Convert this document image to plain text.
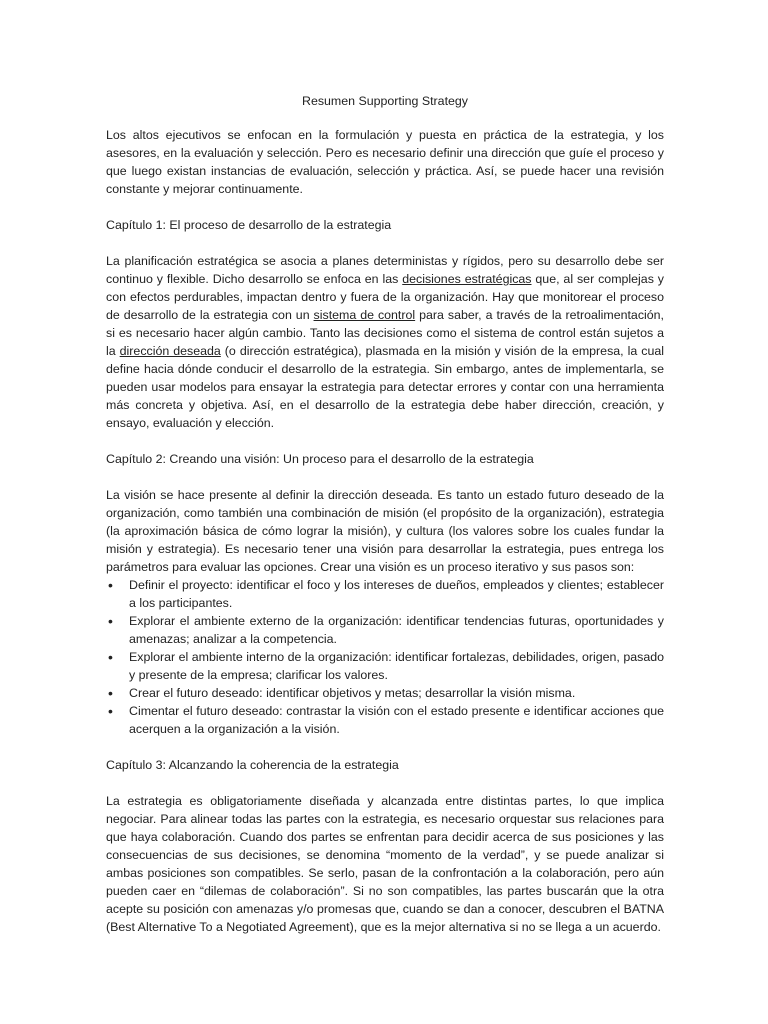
Resumen Supporting Strategy

Los altos ejecutivos se enfocan en la formulación y puesta en práctica de la estrategia, y los asesores, en la evaluación y selección. Pero es necesario definir una dirección que guíe el proceso y que luego existan instancias de evaluación, selección y práctica. Así, se puede hacer una revisión constante y mejorar continuamente.

Capítulo 1: El proceso de desarrollo de la estrategia

La planificación estratégica se asocia a planes deterministas y rígidos, pero su desarrollo debe ser continuo y flexible. Dicho desarrollo se enfoca en las decisiones estratégicas que, al ser complejas y con efectos perdurables, impactan dentro y fuera de la organización. Hay que monitorear el proceso de desarrollo de la estrategia con un sistema de control para saber, a través de la retroalimentación, si es necesario hacer algún cambio. Tanto las decisiones como el sistema de control están sujetos a la dirección deseada (o dirección estratégica), plasmada en la misión y visión de la empresa, la cual define hacia dónde conducir el desarrollo de la estrategia. Sin embargo, antes de implementarla, se pueden usar modelos para ensayar la estrategia para detectar errores y contar con una herramienta más concreta y objetiva. Así, en el desarrollo de la estrategia debe haber dirección, creación, y ensayo, evaluación y elección.

Capítulo 2: Creando una visión: Un proceso para el desarrollo de la estrategia

La visión se hace presente al definir la dirección deseada. Es tanto un estado futuro deseado de la organización, como también una combinación de misión (el propósito de la organización), estrategia (la aproximación básica de cómo lograr la misión), y cultura (los valores sobre los cuales fundar la misión y estrategia). Es necesario tener una visión para desarrollar la estrategia, pues entrega los parámetros para evaluar las opciones. Crear una visión es un proceso iterativo y sus pasos son:

• Definir el proyecto: identificar el foco y los intereses de dueños, empleados y clientes; establecer a los participantes.
• Explorar el ambiente externo de la organización: identificar tendencias futuras, oportunidades y amenazas; analizar a la competencia.
• Explorar el ambiente interno de la organización: identificar fortalezas, debilidades, origen, pasado y presente de la empresa; clarificar los valores.
• Crear el futuro deseado: identificar objetivos y metas; desarrollar la visión misma.
• Cimentar el futuro deseado: contrastar la visión con el estado presente e identificar acciones que acerquen a la organización a la visión.
Capítulo 3: Alcanzando la coherencia de la estrategia

La estrategia es obligatoriamente diseñada y alcanzada entre distintas partes, lo que implica negociar. Para alinear todas las partes con la estrategia, es necesario orquestar sus relaciones para que haya colaboración. Cuando dos partes se enfrentan para decidir acerca de sus posiciones y las consecuencias de sus decisiones, se denomina “momento de la verdad”, y se puede analizar si ambas posiciones son compatibles. Se serlo, pasan de la confrontación a la colaboración, pero aún pueden caer en “dilemas de colaboración”. Si no son compatibles, las partes buscarán que la otra acepte su posición con amenazas y/o promesas que, cuando se dan a conocer, descubren el BATNA (Best Alternative To a Negotiated Agreement), que es la mejor alternativa si no se llega a un acuerdo.
